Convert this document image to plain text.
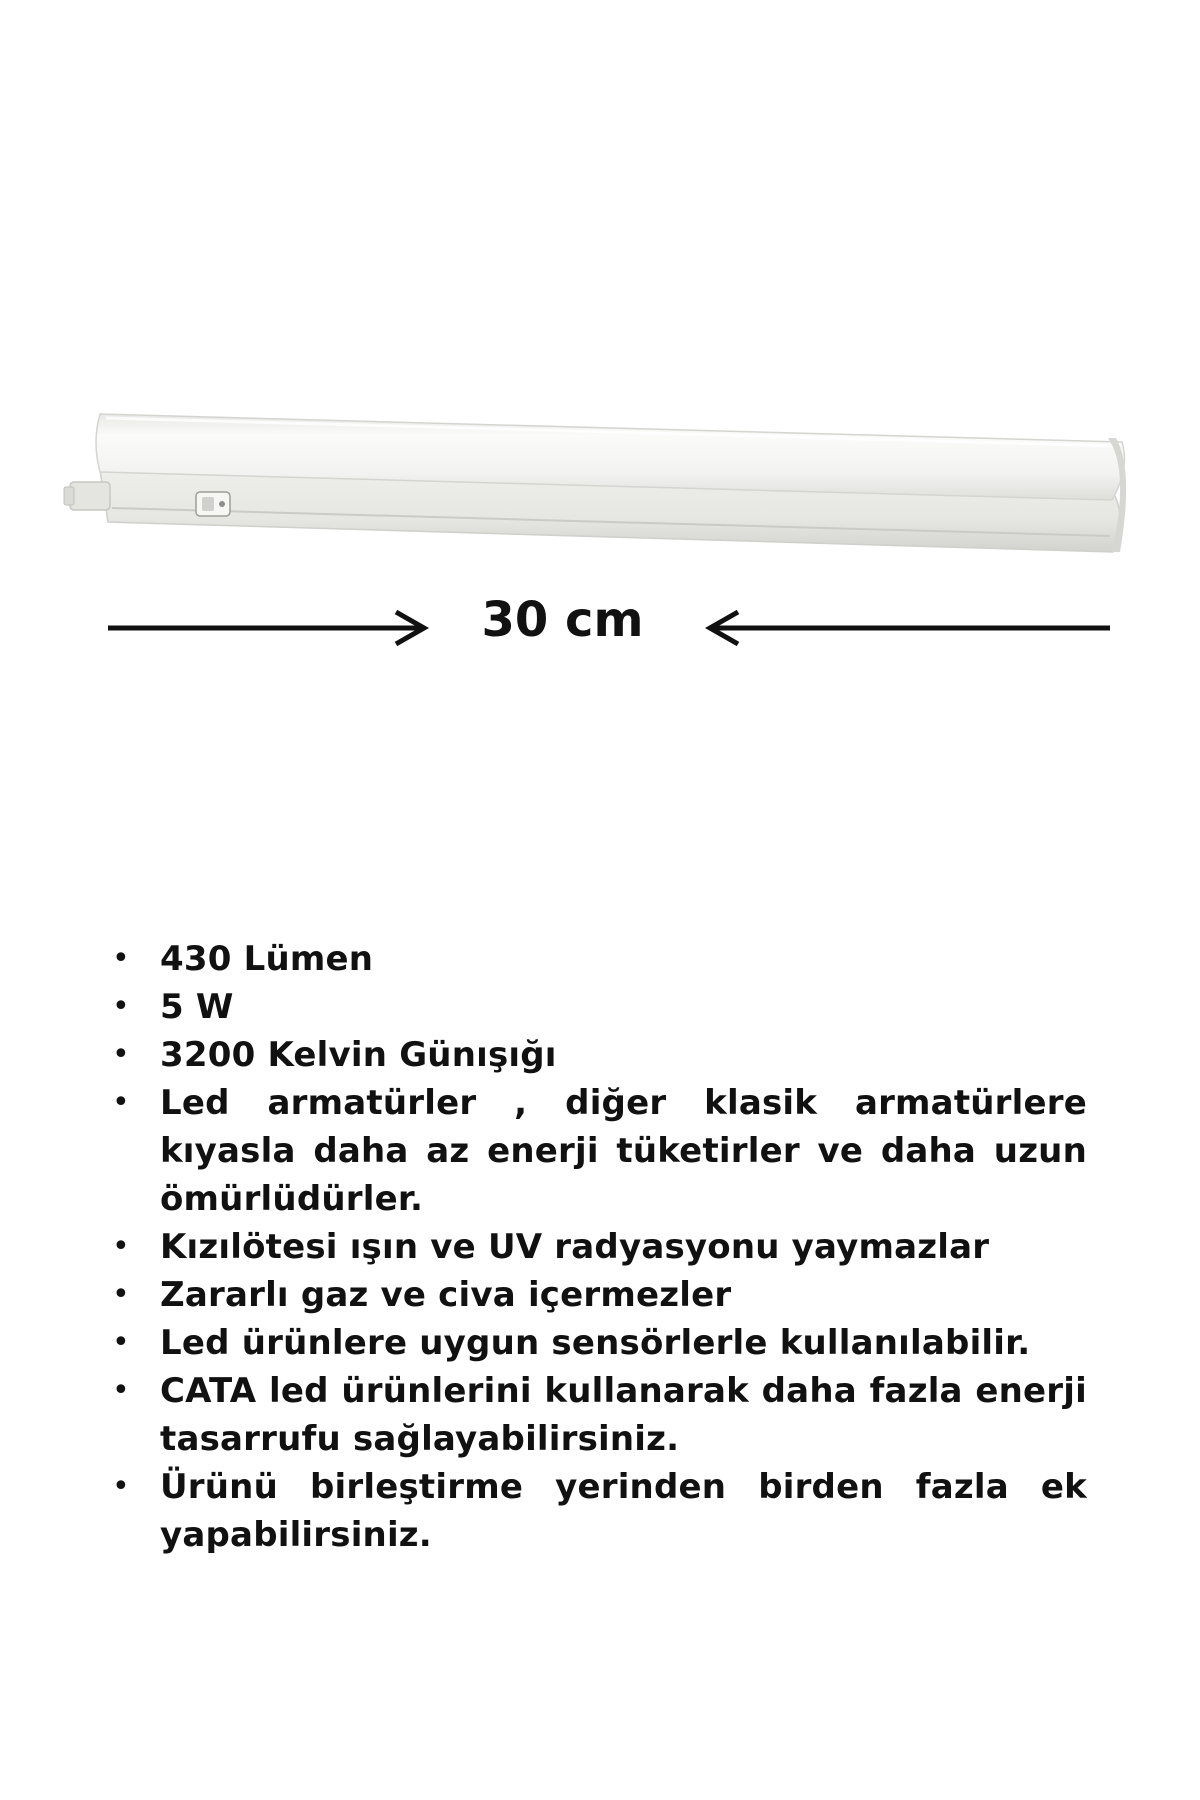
30 cm
• 430 Lümen
• 5 W
• 3200 Kelvin Günışığı
• Led armatürler , diğer klasik armatürlere kıyasla daha az enerji tüketirler ve daha uzun ömürlüdürler.
• Kızılötesi ışın ve UV radyasyonu yaymazlar
• Zararlı gaz ve civa içermezler
• Led ürünlere uygun sensörlerle kullanılabilir.
• CATA led ürünlerini kullanarak daha fazla enerji tasarrufu sağlayabilirsiniz.
• Ürünü birleştirme yerinden birden fazla ek yapabilirsiniz.
